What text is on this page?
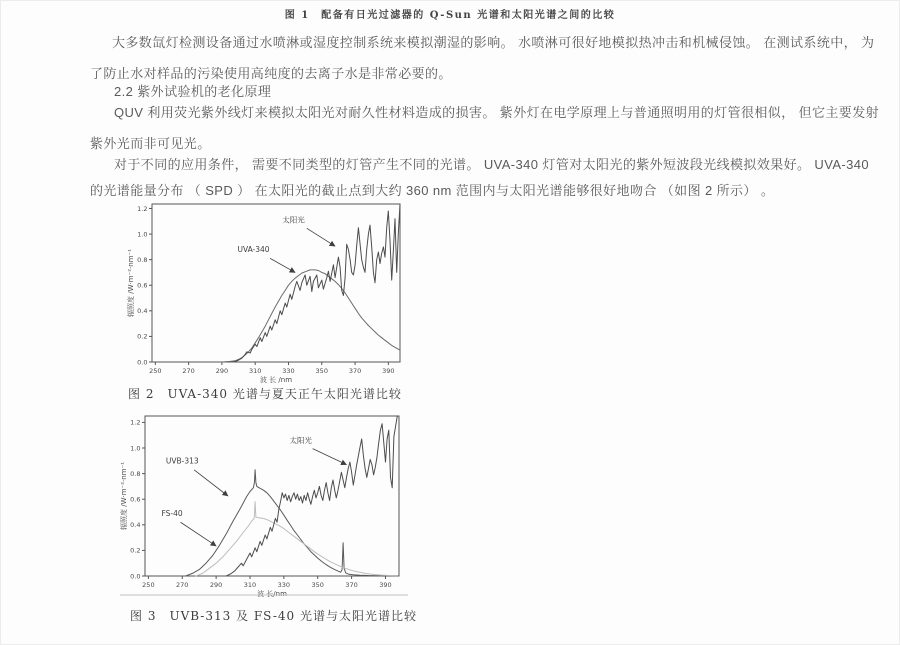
图 1　配备有日光过滤器的 Q-Sun 光谱和太阳光谱之间的比较
大多数氙灯检测设备通过水喷淋或湿度控制系统来模拟潮湿的影响。 水喷淋可很好地模拟热冲击和机械侵蚀。 在测试系统中， 为
了防止水对样品的污染使用高纯度的去离子水是非常必要的。
2.2 紫外试验机的老化原理
QUV 利用荧光紫外线灯来模拟太阳光对耐久性材料造成的损害。 紫外灯在电学原理上与普通照明用的灯管很相似， 但它主要发射
紫外光而非可见光。
对于不同的应用条件， 需要不同类型的灯管产生不同的光谱。 UVA-340 灯管对太阳光的紫外短波段光线模拟效果好。 UVA-340
的光谱能量分布 （ SPD ） 在太阳光的截止点到大约 360 nm 范围内与太阳光谱能够很好地吻合 （如图 2 所示） 。
250	270	290	310	330	350	370	390
0.0
0.2
0.4
0.6
0.8
1.0
1.2
波 长 /nm
辐照度 /W·m⁻²·nm⁻¹	UVA-340
太阳光
图 2　UVA-340 光谱与夏天正午太阳光谱比较
250	270	290	310	330	350	370	390
0.0
0.2
0.4
0.6
0.8
1.0
1.2
波 长/nm
辐照度 /W·m⁻²·nm⁻¹
UVB-313
FS-40
太阳光
图 3　UVB-313 及 FS-40 光谱与太阳光谱比较
